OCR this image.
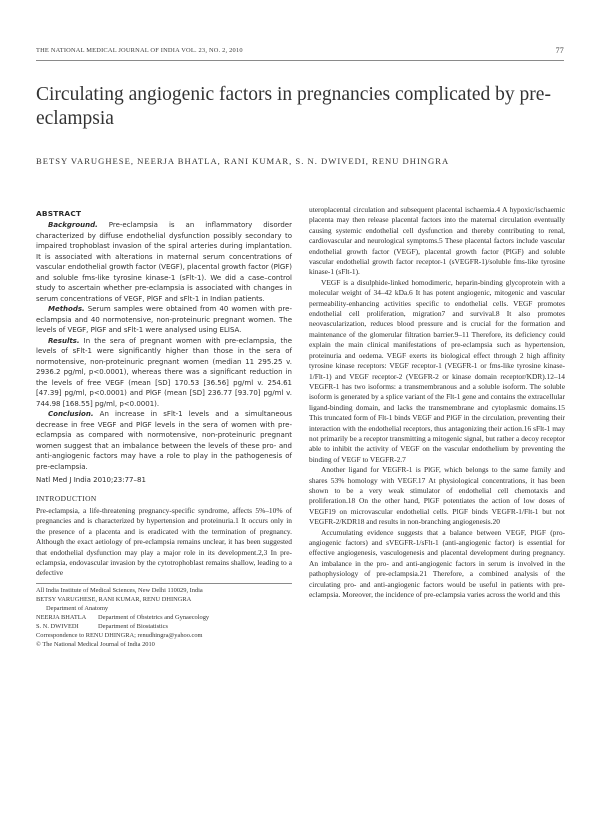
THE NATIONAL MEDICAL JOURNAL OF INDIA VOL. 23, NO. 2, 2010	77
Circulating angiogenic factors in pregnancies complicated by pre-eclampsia
BETSY VARUGHESE, NEERJA BHATLA, RANI KUMAR, S. N. DWIVEDI, RENU DHINGRA
ABSTRACT

Background. Pre-eclampsia is an inflammatory disorder characterized by diffuse endothelial dysfunction possibly secondary to impaired trophoblast invasion of the spiral arteries during implantation. It is associated with alterations in maternal serum concentrations of vascular endothelial growth factor (VEGF), placental growth factor (PlGF) and soluble fms-like tyrosine kinase-1 (sFlt-1). We did a case–control study to ascertain whether pre-eclampsia is associated with changes in serum concentrations of VEGF, PlGF and sFlt-1 in Indian patients.

Methods. Serum samples were obtained from 40 women with pre-eclampsia and 40 normotensive, non-proteinuric pregnant women. The levels of VEGF, PlGF and sFlt-1 were analysed using ELISA.

Results. In the sera of pregnant women with pre-eclampsia, the levels of sFlt-1 were significantly higher than those in the sera of normotensive, non-proteinuric pregnant women (median 11 295.25 v. 2936.2 pg/ml, p<0.0001), whereas there was a significant reduction in the levels of free VEGF (mean [SD] 170.53 [36.56] pg/ml v. 254.61 [47.39] pg/ml, p<0.0001) and PlGF (mean [SD] 236.77 [93.70] pg/ml v. 744.98 [168.55] pg/ml, p<0.0001).

Conclusion. An increase in sFlt-1 levels and a simultaneous decrease in free VEGF and PlGF levels in the sera of women with pre-eclampsia as compared with normotensive, non-proteinuric pregnant women suggest that an imbalance between the levels of these pro- and anti-angiogenic factors may have a role to play in the pathogenesis of pre-eclampsia.

Natl Med J India 2010;23:77–81

INTRODUCTION

Pre-eclampsia, a life-threatening pregnancy-specific syndrome, affects 5%–10% of pregnancies and is characterized by hypertension and proteinuria.1 It occurs only in the presence of a placenta and is eradicated with the termination of pregnancy. Although the exact aetiology of pre-eclampsia remains unclear, it has been suggested that endothelial dysfunction may play a major role in its development.2,3 In pre-eclampsia, endovascular invasion by the cytotrophoblast remains shallow, leading to a defective

All India Institute of Medical Sciences, New Delhi 110029, India

BETSY VARUGHESE, RANI KUMAR, RENU DHINGRA

Department of Anatomy

NEERJA BHATLA	Department of Obstetrics and Gynaecology
S. N. DWIVEDI	Department of Biostatistics

Correspondence to RENU DHINGRA; renudhingra@yahoo.com

© The National Medical Journal of India 2010

uteroplacental circulation and subsequent placental ischaemia.4 A hypoxic/ischaemic placenta may then release placental factors into the maternal circulation eventually causing systemic endothelial cell dysfunction and thereby contributing to renal, cardiovascular and neurological symptoms.5 These placental factors include vascular endothelial growth factor (VEGF), placental growth factor (PlGF) and soluble vascular endothelial growth factor receptor-1 (sVEGFR-1)/soluble fms-like tyrosine kinase-1 (sFlt-1).

VEGF is a disulphide-linked homodimeric, heparin-binding glycoprotein with a molecular weight of 34–42 kDa.6 It has potent angiogenic, mitogenic and vascular permeability-enhancing activities specific to endothelial cells. VEGF promotes endothelial cell proliferation, migration7 and survival.8 It also promotes neovascularization, reduces blood pressure and is crucial for the formation and maintenance of the glomerular filtration barrier.9–11 Therefore, its deficiency could explain the main clinical manifestations of pre-eclampsia such as hypertension, proteinuria and oedema. VEGF exerts its biological effect through 2 high affinity tyrosine kinase receptors: VEGF receptor-1 (VEGFR-1 or fms-like tyrosine kinase-1/Flt-1) and VEGF receptor-2 (VEGFR-2 or kinase domain receptor/KDR).12–14 VEGFR-1 has two isoforms: a transmembranous and a soluble isoform. The soluble isoform is generated by a splice variant of the Flt-1 gene and contains the extracellular ligand-binding domain, and lacks the transmembrane and cytoplasmic domains.15 This truncated form of Flt-1 binds VEGF and PlGF in the circulation, preventing their interaction with the endothelial receptors, thus antagonizing their action.16 sFlt-1 may not primarily be a receptor transmitting a mitogenic signal, but rather a decoy receptor able to inhibit the activity of VEGF on the vascular endothelium by preventing the binding of VEGF to VEGFR-2.7

Another ligand for VEGFR-1 is PlGF, which belongs to the same family and shares 53% homology with VEGF.17 At physiological concentrations, it has been shown to be a very weak stimulator of endothelial cell chemotaxis and proliferation.18 On the other hand, PlGF potentiates the action of low doses of VEGF19 on microvascular endothelial cells. PlGF binds VEGFR-1/Flt-1 but not VEGFR-2/KDR18 and results in non-branching angiogenesis.20

Accumulating evidence suggests that a balance between VEGF, PlGF (pro-angiogenic factors) and sVEGFR-1/sFlt-1 (anti-angiogenic factor) is essential for effective angiogenesis, vasculogenesis and placental development during pregnancy. An imbalance in the pro- and anti-angiogenic factors in serum is involved in the pathophysiology of pre-eclampsia.21 Therefore, a combined analysis of the circulating pro- and anti-angiogenic factors would be useful in patients with pre-eclampsia. Moreover, the incidence of pre-eclampsia varies across the world and this
